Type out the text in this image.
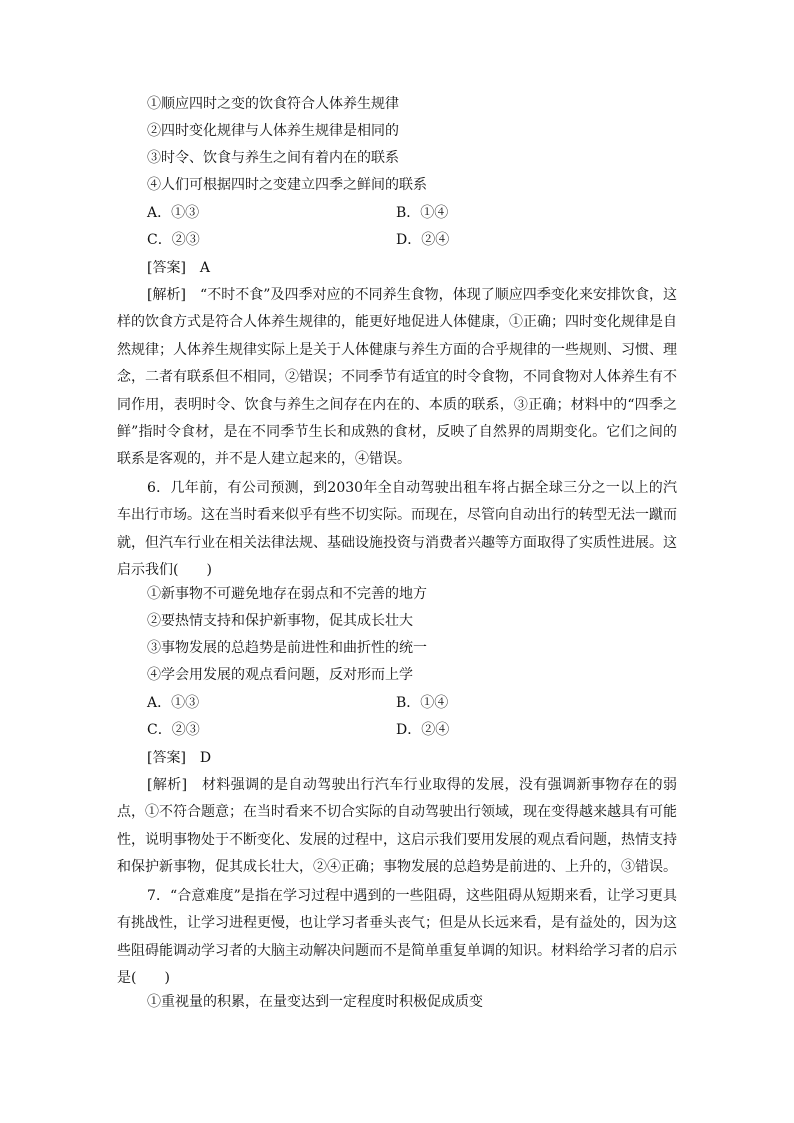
①顺应四时之变的饮食符合人体养生规律
②四时变化规律与人体养生规律是相同的
③时令、饮食与养生之间有着内在的联系
④人们可根据四时之变建立四季之鲜间的联系
A．①③	B．①④
C．②③	D．②④
[答案]　A
[解析]　“不时不食”及四季对应的不同养生食物，体现了顺应四季变化来安排饮食，这样的饮食方式是符合人体养生规律的，能更好地促进人体健康，①正确；四时变化规律是自然规律；人体养生规律实际上是关于人体健康与养生方面的合乎规律的一些规则、习惯、理念，二者有联系但不相同，②错误；不同季节有适宜的时令食物，不同食物对人体养生有不同作用，表明时令、饮食与养生之间存在内在的、本质的联系，③正确；材料中的“四季之鲜”指时令食材，是在不同季节生长和成熟的食材，反映了自然界的周期变化。它们之间的联系是客观的，并不是人建立起来的，④错误。
6．几年前，有公司预测，到2030年全自动驾驶出租车将占据全球三分之一以上的汽车出行市场。这在当时看来似乎有些不切实际。而现在，尽管向自动出行的转型无法一蹴而就，但汽车行业在相关法律法规、基础设施投资与消费者兴趣等方面取得了实质性进展。这启示我们(　　)
①新事物不可避免地存在弱点和不完善的地方
②要热情支持和保护新事物，促其成长壮大
③事物发展的总趋势是前进性和曲折性的统一
④学会用发展的观点看问题，反对形而上学
A．①③	B．①④
C．②③	D．②④
[答案]　D
[解析]　材料强调的是自动驾驶出行汽车行业取得的发展，没有强调新事物存在的弱点，①不符合题意；在当时看来不切合实际的自动驾驶出行领域，现在变得越来越具有可能性，说明事物处于不断变化、发展的过程中，这启示我们要用发展的观点看问题，热情支持和保护新事物，促其成长壮大，②④正确；事物发展的总趋势是前进的、上升的，③错误。
7．“合意难度”是指在学习过程中遇到的一些阻碍，这些阻碍从短期来看，让学习更具有挑战性，让学习进程更慢，也让学习者垂头丧气；但是从长远来看，是有益处的，因为这些阻碍能调动学习者的大脑主动解决问题而不是简单重复单调的知识。材料给学习者的启示是(　　)
①重视量的积累，在量变达到一定程度时积极促成质变
